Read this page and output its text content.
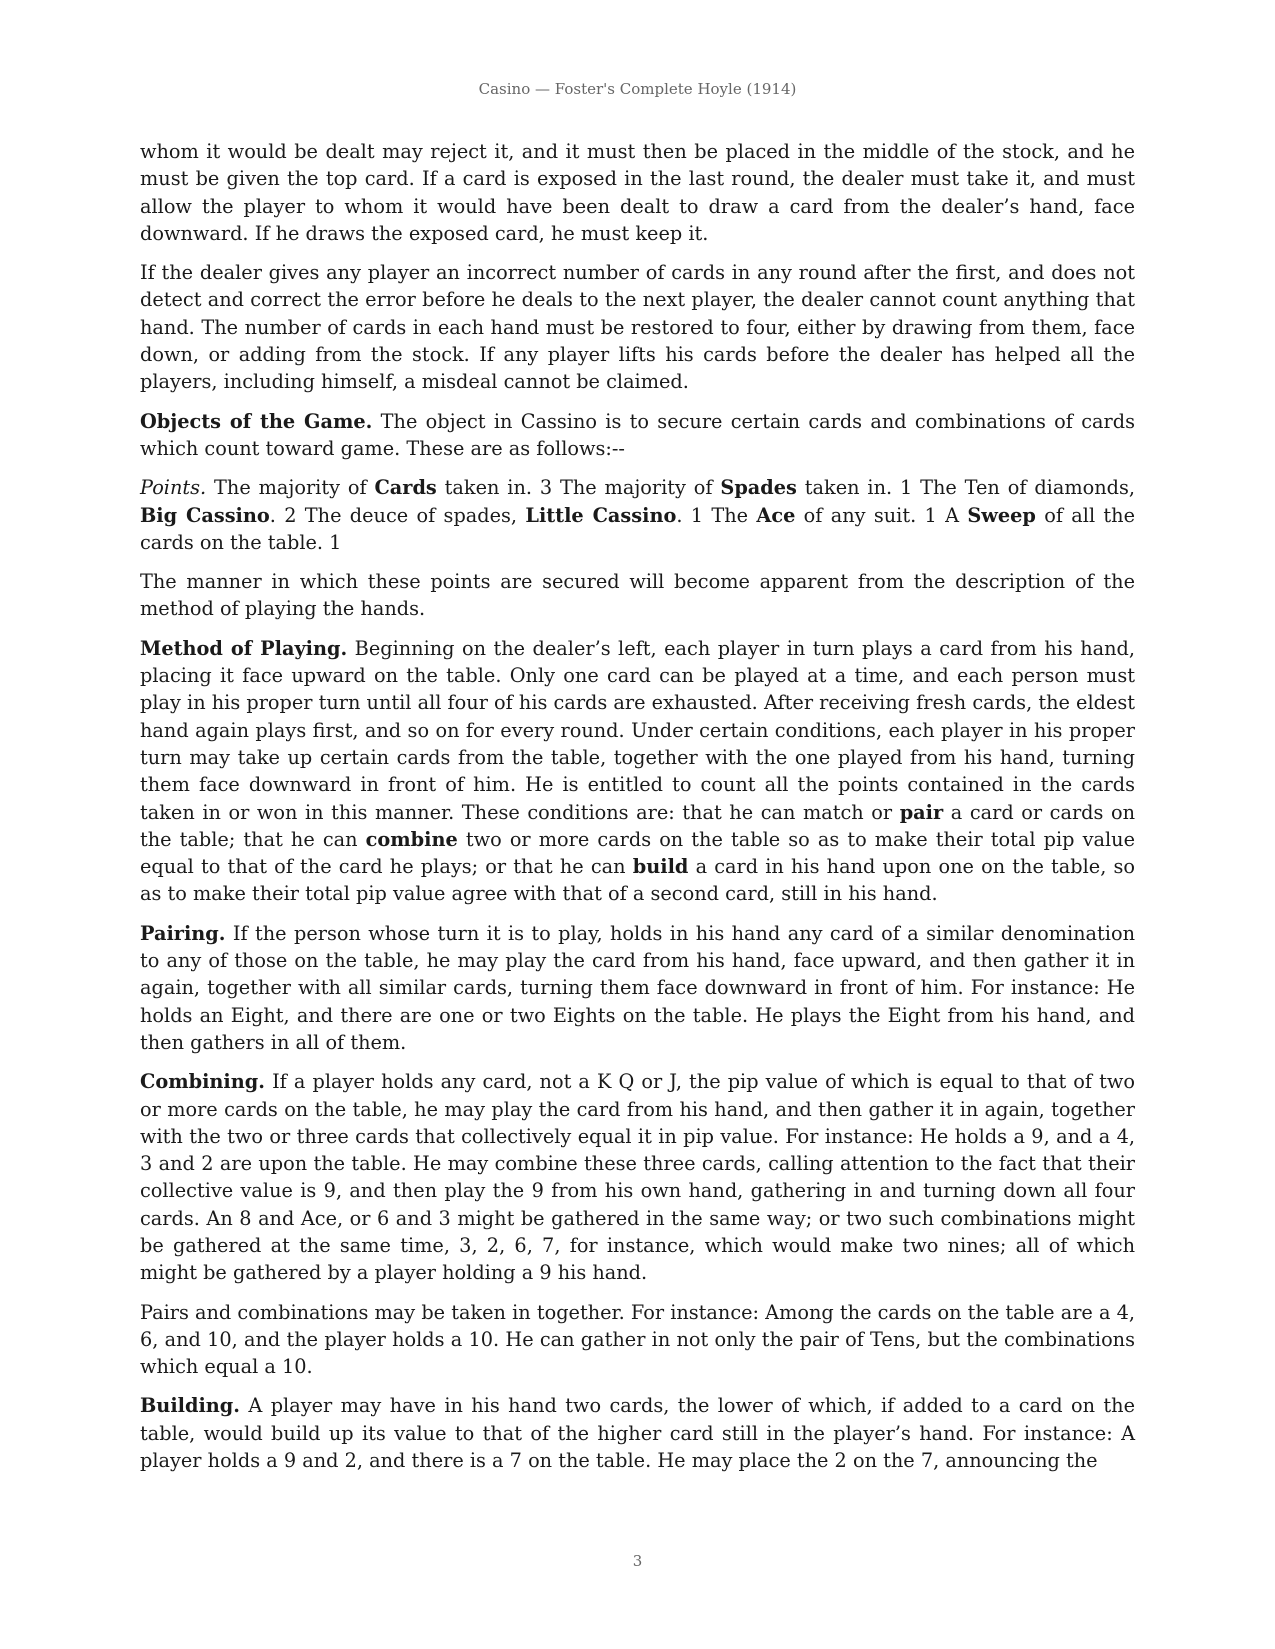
Casino — Foster's Complete Hoyle (1914)

whom it would be dealt may reject it, and it must then be placed in the middle of the stock, and he must be given the top card. If a card is exposed in the last round, the dealer must take it, and must allow the player to whom it would have been dealt to draw a card from the dealer’s hand, face downward. If he draws the exposed card, he must keep it.

If the dealer gives any player an incorrect number of cards in any round after the first, and does not detect and correct the error before he deals to the next player, the dealer cannot count anything that hand. The number of cards in each hand must be restored to four, either by drawing from them, face down, or adding from the stock. If any player lifts his cards before the dealer has helped all the players, including himself, a misdeal cannot be claimed.

Objects of the Game. The object in Cassino is to secure certain cards and combinations of cards which count toward game. These are as follows:--

Points. The majority of Cards taken in. 3 The majority of Spades taken in. 1 The Ten of diamonds, Big Cassino. 2 The deuce of spades, Little Cassino. 1 The Ace of any suit. 1 A Sweep of all the cards on the table. 1

The manner in which these points are secured will become apparent from the description of the method of playing the hands.

Method of Playing. Beginning on the dealer’s left, each player in turn plays a card from his hand, placing it face upward on the table. Only one card can be played at a time, and each person must play in his proper turn until all four of his cards are exhausted. After receiving fresh cards, the eldest hand again plays first, and so on for every round. Under certain conditions, each player in his proper turn may take up certain cards from the table, together with the one played from his hand, turning them face downward in front of him. He is entitled to count all the points contained in the cards taken in or won in this manner. These conditions are: that he can match or pair a card or cards on the table; that he can combine two or more cards on the table so as to make their total pip value equal to that of the card he plays; or that he can build a card in his hand upon one on the table, so as to make their total pip value agree with that of a second card, still in his hand.

Pairing. If the person whose turn it is to play, holds in his hand any card of a similar denomination to any of those on the table, he may play the card from his hand, face upward, and then gather it in again, together with all similar cards, turning them face downward in front of him. For instance: He holds an Eight, and there are one or two Eights on the table. He plays the Eight from his hand, and then gathers in all of them.

Combining. If a player holds any card, not a K Q or J, the pip value of which is equal to that of two or more cards on the table, he may play the card from his hand, and then gather it in again, together with the two or three cards that collectively equal it in pip value. For instance: He holds a 9, and a 4, 3 and 2 are upon the table. He may combine these three cards, calling attention to the fact that their collective value is 9, and then play the 9 from his own hand, gathering in and turning down all four cards. An 8 and Ace, or 6 and 3 might be gathered in the same way; or two such combinations might be gathered at the same time, 3, 2, 6, 7, for instance, which would make two nines; all of which might be gathered by a player holding a 9 his hand.

Pairs and combinations may be taken in together. For instance: Among the cards on the table are a 4, 6, and 10, and the player holds a 10. He can gather in not only the pair of Tens, but the combinations which equal a 10.

Building. A player may have in his hand two cards, the lower of which, if added to a card on the table, would build up its value to that of the higher card still in the player’s hand. For instance: A player holds a 9 and 2, and there is a 7 on the table. He may place the 2 on the 7, announcing the

3
